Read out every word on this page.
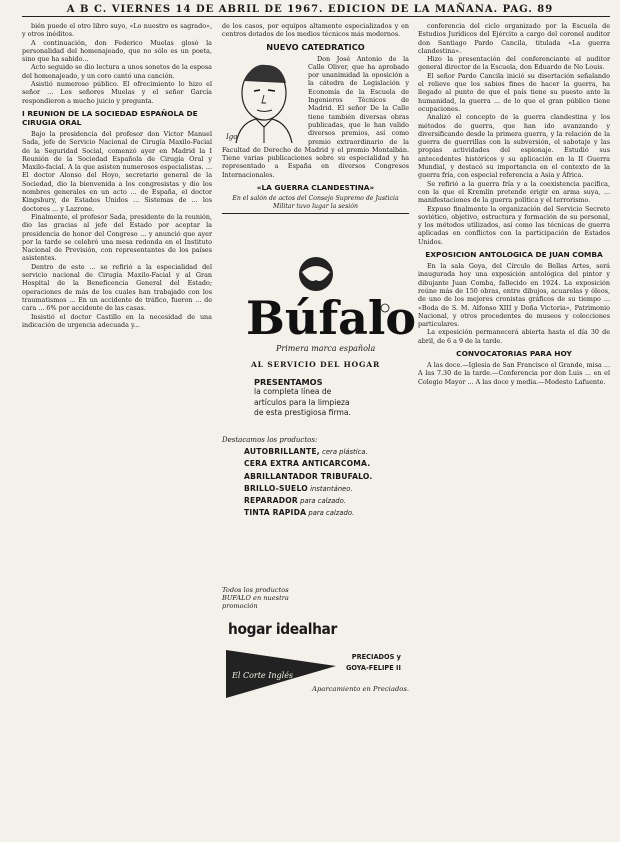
A B C. VIERNES 14 DE ABRIL DE 1967. EDICION DE LA MAÑANA. PAG. 89

bién puede el otro libro suyo, «Lo nuestro es sagrado», y otros inéditos.

A continuación, don Federico Muelas glosó la personalidad del homenajeado, que no sólo es un poeta, sino que ha sabido...

Acto seguido se dio lectura a unos sonetos de la esposa del homenajeado, y un coro cantó una canción.

Asistió numeroso público. El ofrecimiento lo hizo el señor ... Los señores Muelas y el señor García respondieron a mucho juicio y pregunta.

I REUNION DE LA SOCIEDAD ESPAÑOLA DE CIRUGIA ORAL

Bajo la presidencia del profesor don Víctor Manuel Sada, jefe de Servicio Nacional de Cirugía Maxilo-Facial de la Seguridad Social, comenzó ayer en Madrid la I Reunión de la Sociedad Española de Cirugía Oral y Maxilo-facial. A la que asisten numerosos especialistas. ... El doctor Alonso del Hoyo, secretario general de la Sociedad, dio la bienvenida a los congresistas y dio los nombres generales en un acto ... de España, el doctor Kingsbury, de Estados Unidos ... Sistemas de ... los doctores ... y Lazrone.

Finalmente, el profesor Sada, presidente de la reunión, dio las gracias al jefe del Estado por aceptar la presidencia de honor del Congreso ... y anunció que ayer por la tarde se celebró una mesa redonda en el Instituto Nacional de Previsión, con representantes de los países asistentes.

Dentro de este ... se refirió a la especialidad del servicio nacional de Cirugía Maxilo-Facial y al Gran Hospital de la Beneficencia General del Estado; operaciones de más de los cuales han trabajado con los traumatismos ... En un accidente de tráfico, fueron ... de cara ... 6% por accidente de las casas.

Insistió el doctor Castillo en la necesidad de una indicación de urgencia adecuada y...

de los casos, por equipos altamente especializados y en centros dotados de los medios técnicos más modernos.

NUEVO CATEDRATICO
Igo

Don José Antonio de la Calle Oliver, que ha aprobado por unanimidad la oposición a la cátedra de Legislación y Economía de la Escuela de Ingenieros Técnicos de Madrid. El señor De la Calle tiene también diversas obras publicadas, que le han valido diversos premios, así como premio extraordinario de la Facultad de Derecho de Madrid y el premio Montalbán. Tiene varias publicaciones sobre su especialidad y ha representado a España en diversos Congresos Internacionales.

«LA GUERRA CLANDESTINA»
En el salón de actos del Consejo Supremo de Justicia Militar tuvo lugar la sesión
Búfalo
Primera marca española
AL SERVICIO DEL HOGAR
PRESENTAMOS
la completa línea de
artículos para la limpieza
de esta prestigiosa firma.
Destacamos los productos:
AUTOBRILLANTE, cera plástica.
CERA EXTRA ANTICARCOMA.
ABRILLANTADOR TRIBUFALO.
BRILLO-SUELO instantáneo.
REPARADOR para calzado.
TINTA RAPIDA para calzado.
Todos los productos BUFALO en nuestra promoción
hogar idealhar
El Corte Inglés
PRECIADOS y
GOYA-FELIPE II
Aparcamiento en Preciados.

conferencia del ciclo organizado por la Escuela de Estudios Jurídicos del Ejército a cargo del coronel auditor don Santiago Pardo Cancila, titulada «La guerra clandestina».

Hizo la presentación del conferenciante el auditor general director de la Escuela, don Eduardo de No Louis.

El señor Pardo Cancila inició su disertación señalando el relieve que los sabios fines de hacer la guerra, ha llegado al punto de que el país tiene su puesto ante la humanidad, la guerra ... de lo que el gran público tiene ocupaciones.

Analizó el concepto de la guerra clandestina y los métodos de guerra, que han ido avanzando y diversificando desde la primera guerra, y la relación de la guerra de guerrillas con la subversión, el sabotaje y las propias actividades del espionaje. Estudió sus antecedentes históricos y su aplicación en la II Guerra Mundial, y destacó su importancia en el contexto de la guerra fría, con especial referencia a Asia y África.

Se refirió a la guerra fría y a la coexistencia pacífica, con la que el Kremlin pretende erigir en arma suya, ... manifestaciones de la guerra política y el terrorismo.

Expuso finalmente la organización del Servicio Secreto soviético, objetivo, estructura y formación de su personal, y los métodos utilizados, así como las técnicas de guerra aplicadas en conflictos con la participación de Estados Unidos.

EXPOSICION ANTOLOGICA DE JUAN COMBA

En la sala Goya, del Círculo de Bellas Artes, será inaugurada hoy una exposición antológica del pintor y dibujante Juan Comba, fallecido en 1924. La exposición reúne más de 150 obras, entre dibujos, acuarelas y óleos, de uno de los mejores cronistas gráficos de su tiempo ... «Boda de S. M. Alfonso XIII y Doña Victoria», Patrimonio Nacional, y otros procedentes de museos y colecciones particulares.

La exposición permanecerá abierta hasta el día 30 de abril, de 6 a 9 de la tarde.

CONVOCATORIAS PARA HOY

A las doce.—Iglesia de San Francisco el Grande, misa ... A las 7.30 de la tarde.—Conferencia por don Luis ... en el Colegio Mayor ... A las doce y media.—Modesto Lafuente.
